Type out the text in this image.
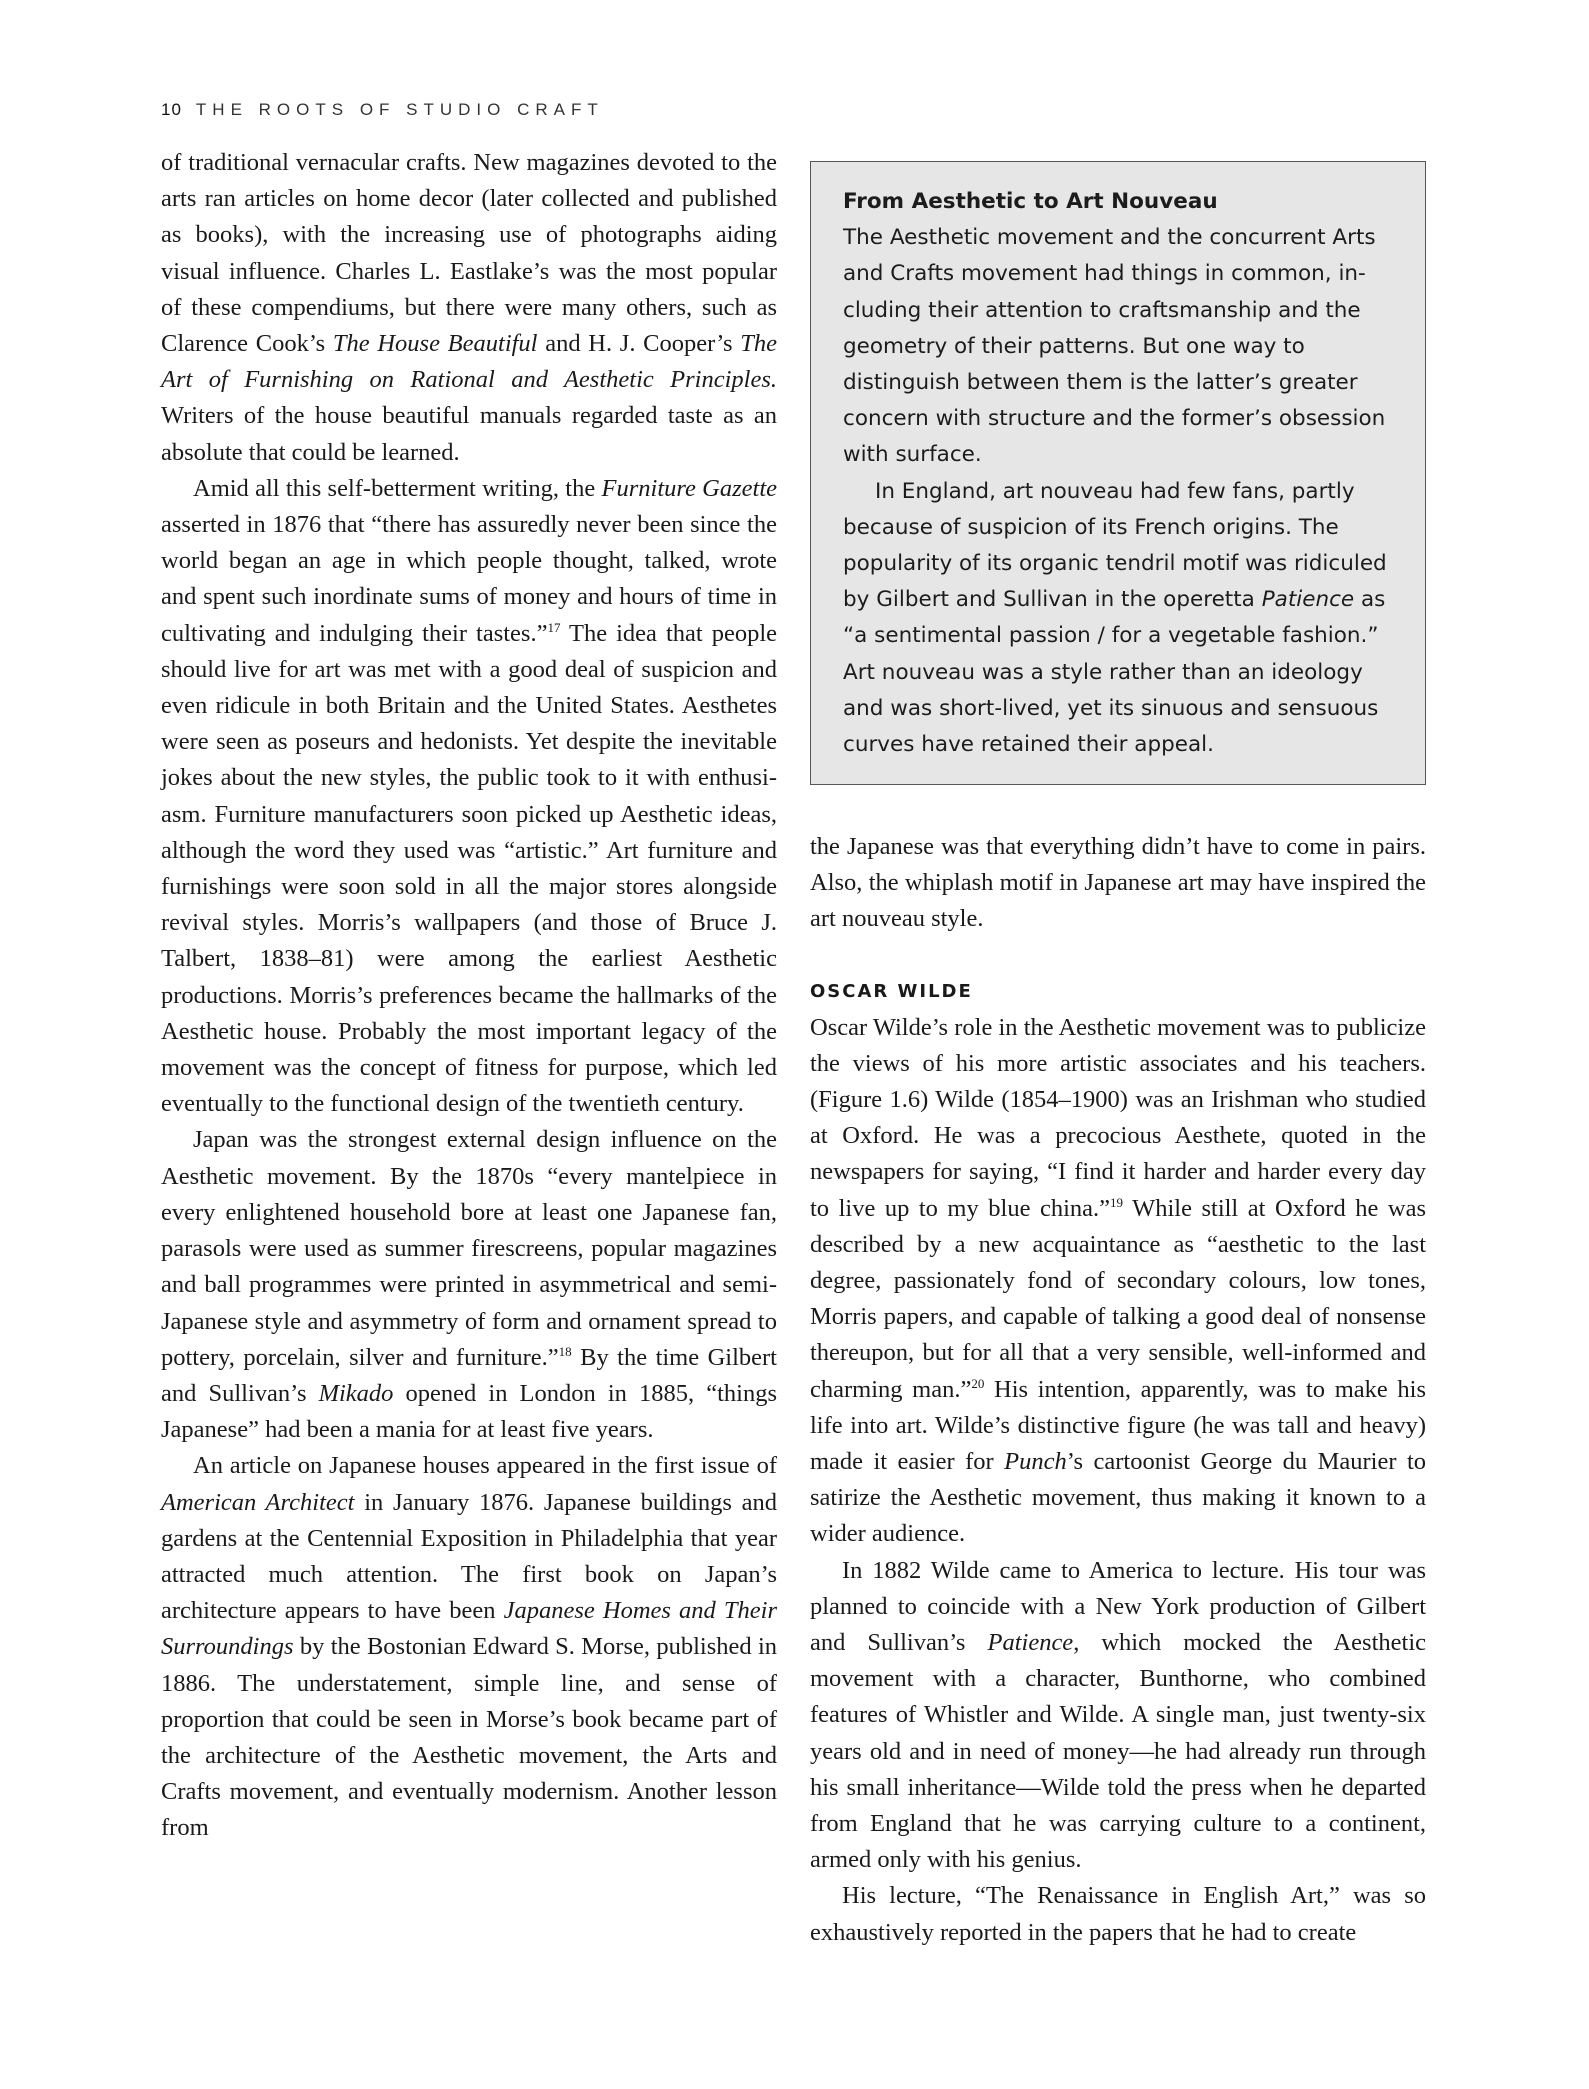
10 THE ROOTS OF STUDIO CRAFT

of traditional vernacular crafts. New magazines devoted to the arts ran articles on home decor (later collected and published as books), with the increasing use of photographs aiding visual influence. Charles L. Eastlake’s was the most popular of these compendiums, but there were many others, such as Clarence Cook’s The House Beautiful and H. J. Cooper’s The Art of Furnishing on Rational and Aesthetic Principles. Writers of the house beautiful manuals regarded taste as an absolute that could be learned.

Amid all this self-betterment writing, the Furniture Gazette asserted in 1876 that “there has assuredly never been since the world began an age in which people thought, talked, wrote and spent such inordinate sums of money and hours of time in cultivating and indulging their tastes.”$^{17}$ The idea that people should live for art was met with a good deal of suspicion and even ridicule in both Britain and the United States. Aesthetes were seen as poseurs and hedonists. Yet despite the inevitable jokes about the new styles, the public took to it with enthusiasm. Furniture manufacturers soon picked up Aesthetic ideas, although the word they used was “artistic.” Art furniture and furnishings were soon sold in all the major stores alongside revival styles. Morris’s wallpapers (and those of Bruce J. Talbert, 1838–81) were among the earliest Aesthetic productions. Morris’s preferences became the hallmarks of the Aesthetic house. Probably the most important legacy of the movement was the concept of fitness for purpose, which led eventually to the functional design of the twentieth century.

Japan was the strongest external design influence on the Aesthetic movement. By the 1870s “every mantelpiece in every enlightened household bore at least one Japanese fan, parasols were used as summer firescreens, popular magazines and ball programmes were printed in asymmetrical and semi-Japanese style and asymmetry of form and ornament spread to pottery, porcelain, silver and furniture.”$^{18}$ By the time Gilbert and Sullivan’s Mikado opened in London in 1885, “things Japanese” had been a mania for at least five years.

An article on Japanese houses appeared in the first issue of American Architect in January 1876. Japanese buildings and gardens at the Centennial Exposition in Philadelphia that year attracted much attention. The first book on Japan’s architecture appears to have been Japanese Homes and Their Surroundings by the Bostonian Edward S. Morse, published in 1886. The understatement, simple line, and sense of proportion that could be seen in Morse’s book became part of the architecture of the Aesthetic movement, the Arts and Crafts movement, and eventually modernism. Another lesson from

From Aesthetic to Art Nouveau

The Aesthetic movement and the concurrent Arts and Crafts movement had things in common, including their attention to craftsmanship and the geometry of their patterns. But one way to distinguish between them is the latter’s greater concern with structure and the former’s obsession with surface.

In England, art nouveau had few fans, partly because of suspicion of its French origins. The popularity of its organic tendril motif was ridiculed by Gilbert and Sullivan in the operetta Patience as “a sentimental passion / for a vegetable fashion.” Art nouveau was a style rather than an ideology and was short-lived, yet its sinuous and sensuous curves have retained their appeal.

the Japanese was that everything didn’t have to come in pairs. Also, the whiplash motif in Japanese art may have inspired the art nouveau style.

OSCAR WILDE

Oscar Wilde’s role in the Aesthetic movement was to publicize the views of his more artistic associates and his teachers. (Figure 1.6) Wilde (1854–1900) was an Irishman who studied at Oxford. He was a precocious Aesthete, quoted in the newspapers for saying, “I find it harder and harder every day to live up to my blue china.”$^{19}$ While still at Oxford he was described by a new acquaintance as “aesthetic to the last degree, passionately fond of secondary colours, low tones, Morris papers, and capable of talking a good deal of nonsense thereupon, but for all that a very sensible, well-informed and charming man.”$^{20}$ His intention, apparently, was to make his life into art. Wilde’s distinctive figure (he was tall and heavy) made it easier for Punch’s cartoonist George du Maurier to satirize the Aesthetic movement, thus making it known to a wider audience.

In 1882 Wilde came to America to lecture. His tour was planned to coincide with a New York production of Gilbert and Sullivan’s Patience, which mocked the Aesthetic movement with a character, Bunthorne, who combined features of Whistler and Wilde. A single man, just twenty-six years old and in need of money—he had already run through his small inheritance—Wilde told the press when he departed from England that he was carrying culture to a continent, armed only with his genius.

His lecture, “The Renaissance in English Art,” was so exhaustively reported in the papers that he had to create
